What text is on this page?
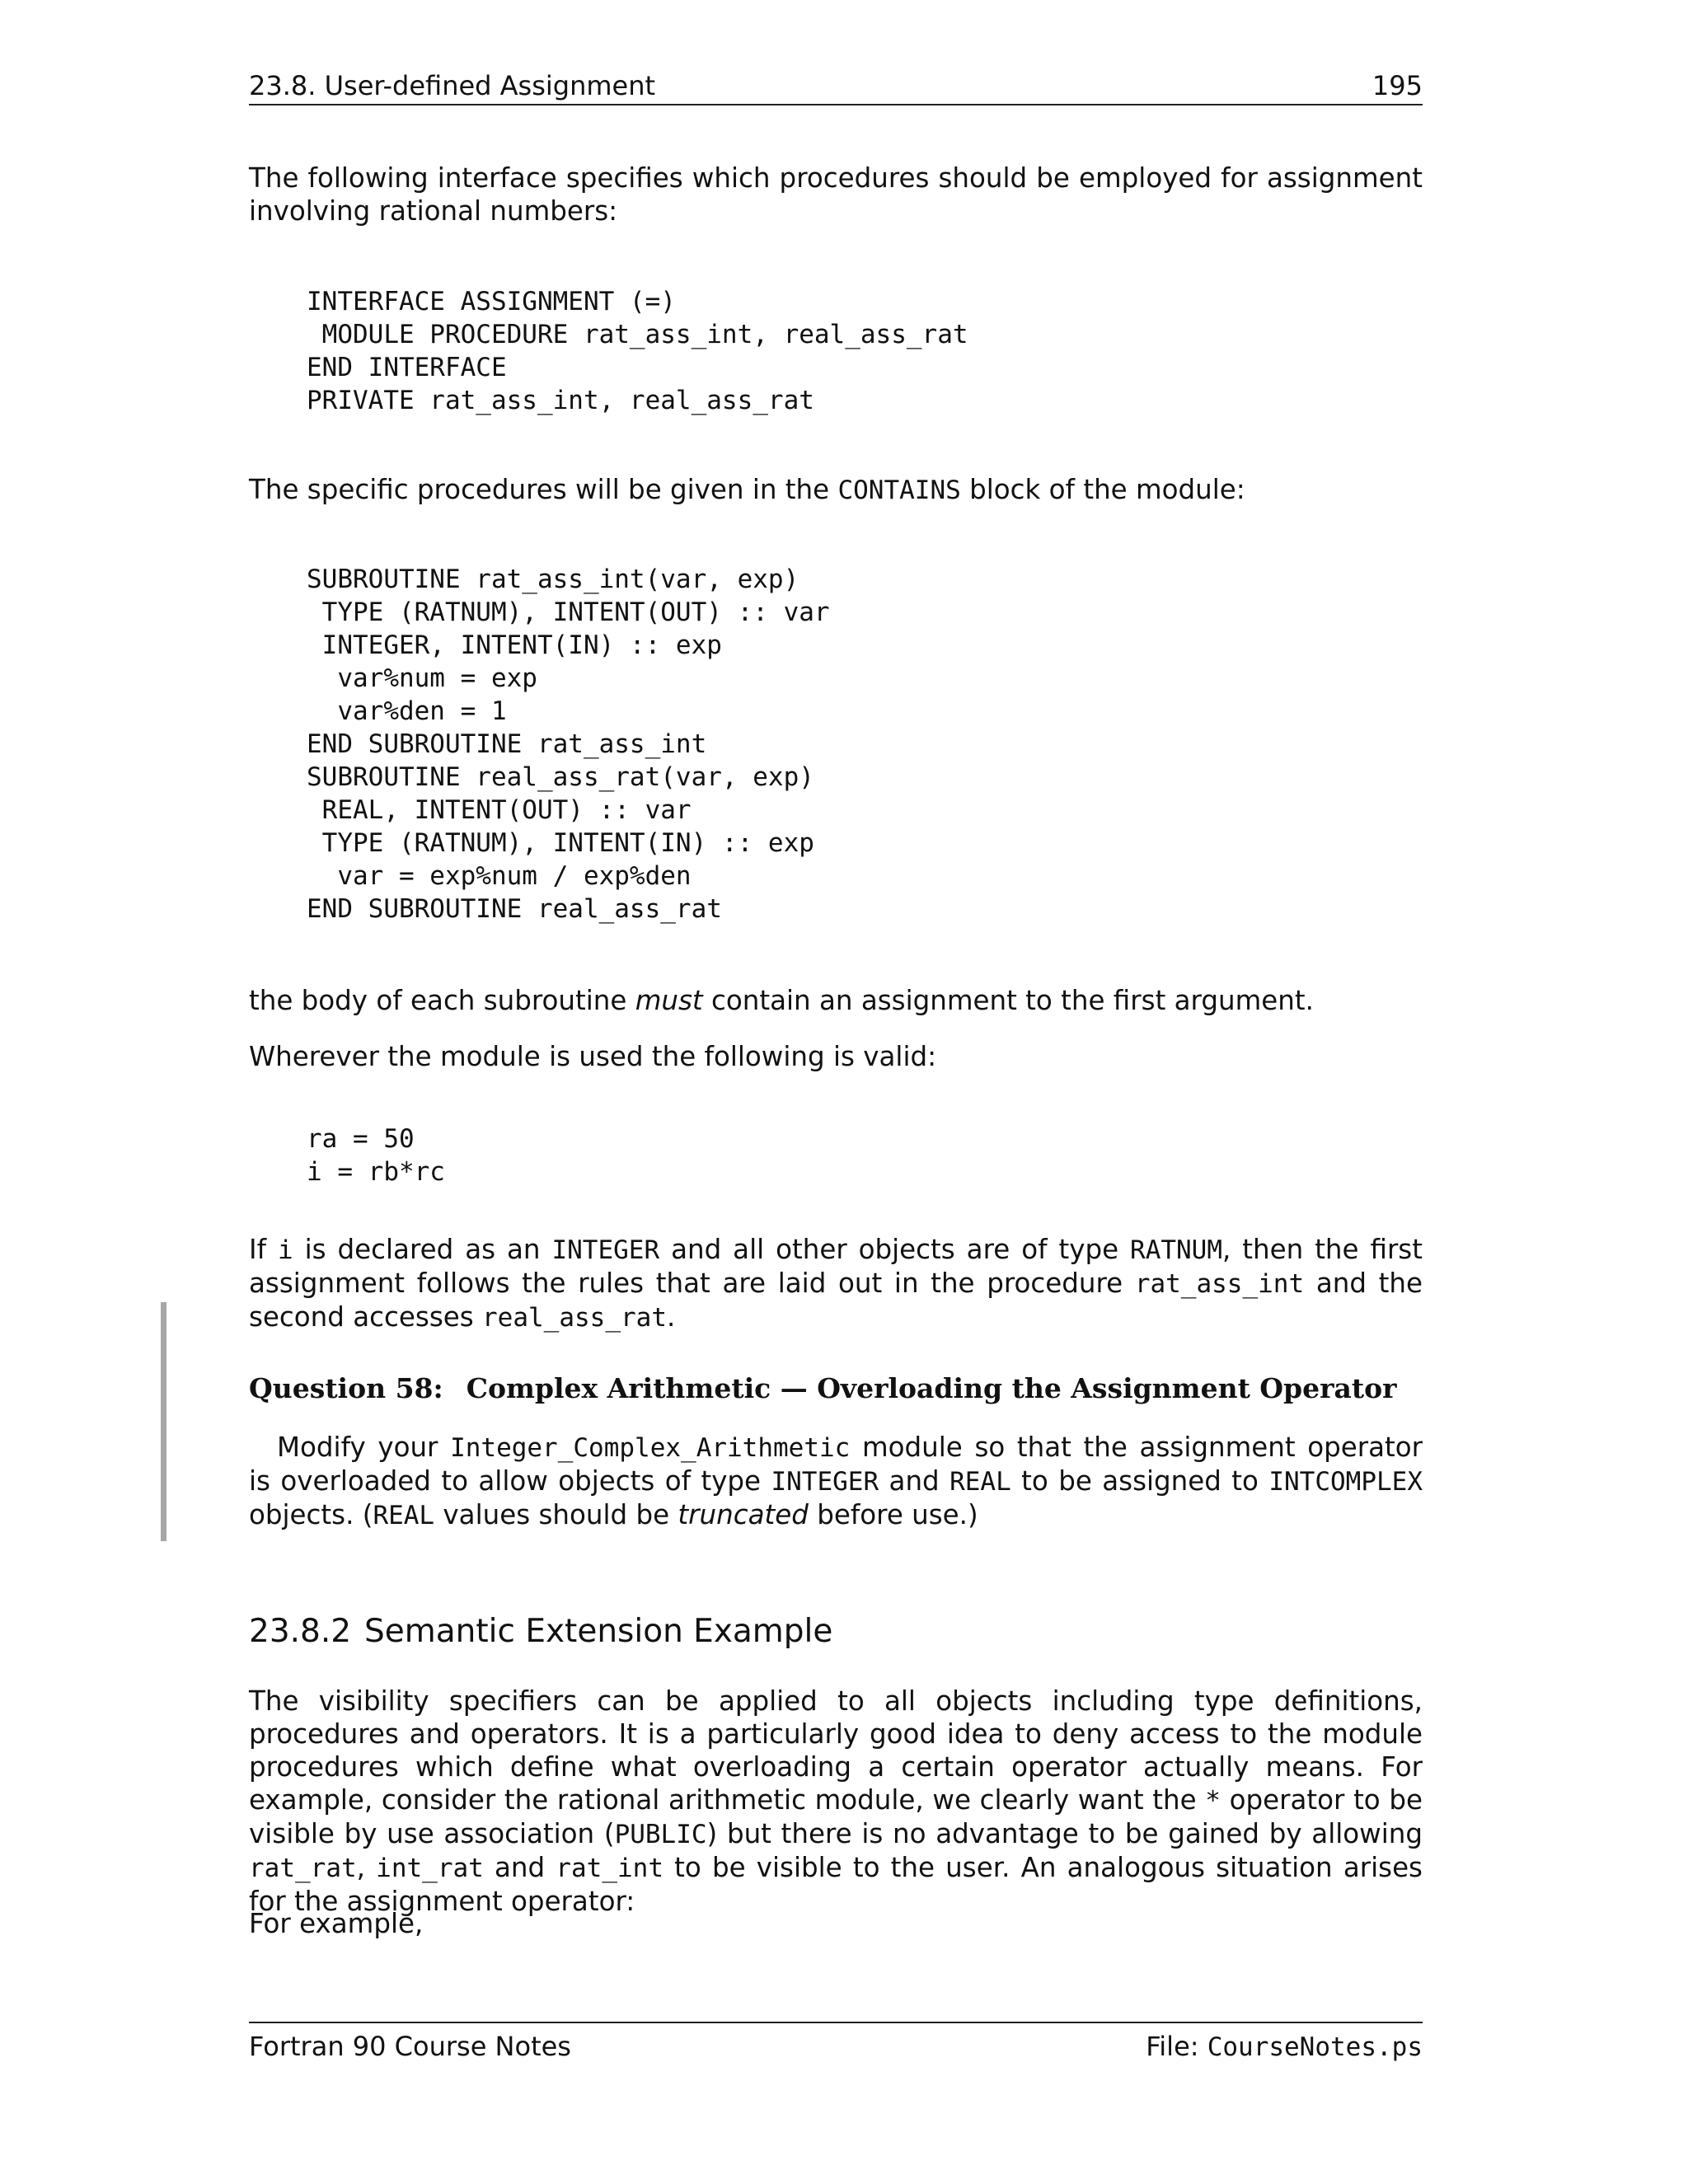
23.8. User-defined Assignment	195

The following interface specifies which procedures should be employed for assignment involving rational numbers:

INTERFACE ASSIGNMENT (=)
MODULE PROCEDURE rat_ass_int, real_ass_rat
END INTERFACE
PRIVATE rat_ass_int, real_ass_rat

The specific procedures will be given in the CONTAINS block of the module:

SUBROUTINE rat_ass_int(var, exp)
TYPE (RATNUM), INTENT(OUT) :: var
INTEGER, INTENT(IN) :: exp
var%num = exp
var%den = 1
END SUBROUTINE rat_ass_int
SUBROUTINE real_ass_rat(var, exp)
REAL, INTENT(OUT) :: var
TYPE (RATNUM), INTENT(IN) :: exp
var = exp%num / exp%den
END SUBROUTINE real_ass_rat

the body of each subroutine must contain an assignment to the first argument.

Wherever the module is used the following is valid:

ra = 50
i = rb*rc

If i is declared as an INTEGER and all other objects are of type RATNUM, then the first assignment follows the rules that are laid out in the procedure rat_ass_int and the second accesses real_ass_rat.

Question 58: Complex Arithmetic — Overloading the Assignment Operator

Modify your Integer_Complex_Arithmetic module so that the assignment operator is overloaded to allow objects of type INTEGER and REAL to be assigned to INTCOMPLEX objects. (REAL values should be truncated before use.)

23.8.2 Semantic Extension Example

The visibility specifiers can be applied to all objects including type definitions, procedures and operators. It is a particularly good idea to deny access to the module procedures which define what overloading a certain operator actually means. For example, consider the rational arithmetic module, we clearly want the * operator to be visible by use association (PUBLIC) but there is no advantage to be gained by allowing rat_rat, int_rat and rat_int to be visible to the user. An analogous situation arises for the assignment operator:

For example,

Fortran 90 Course Notes	File: CourseNotes.ps
